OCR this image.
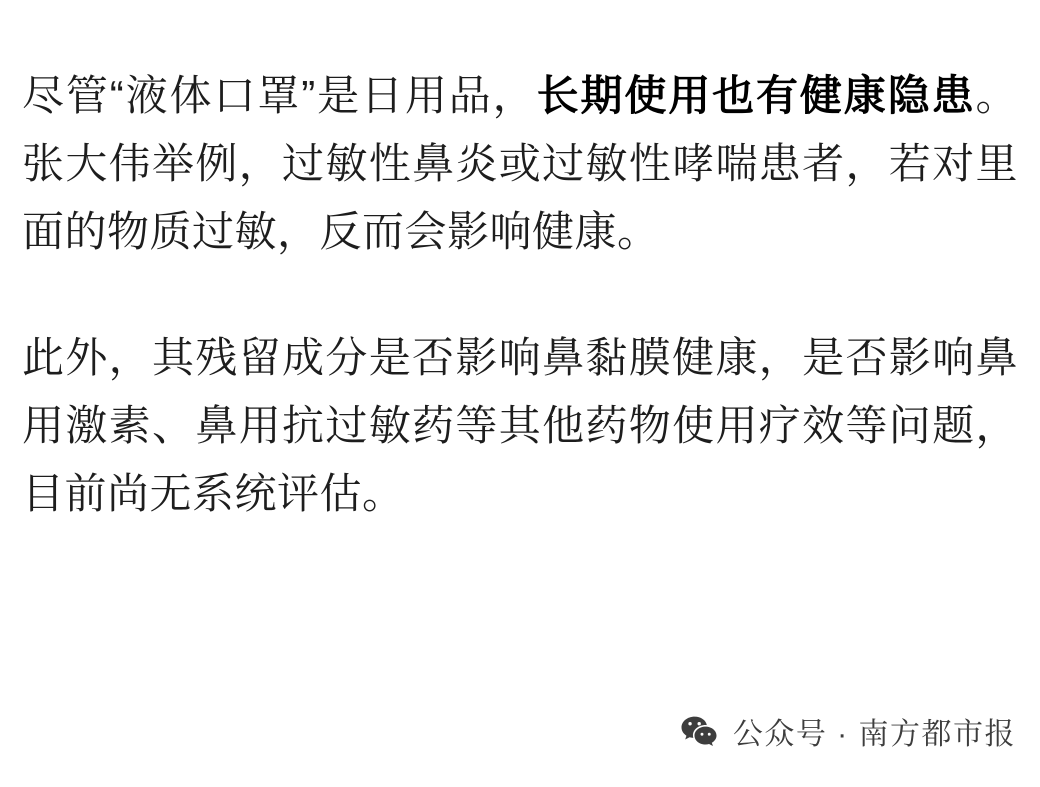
尽管“液体口罩”是日用品，长期使用也有健康隐患。张大伟举例，过敏性鼻炎或过敏性哮喘患者，若对里面的物质过敏，反而会影响健康。

此外，其残留成分是否影响鼻黏膜健康，是否影响鼻用激素、鼻用抗过敏药等其他药物使用疗效等问题，目前尚无系统评估。

公众号 · 南方都市报
